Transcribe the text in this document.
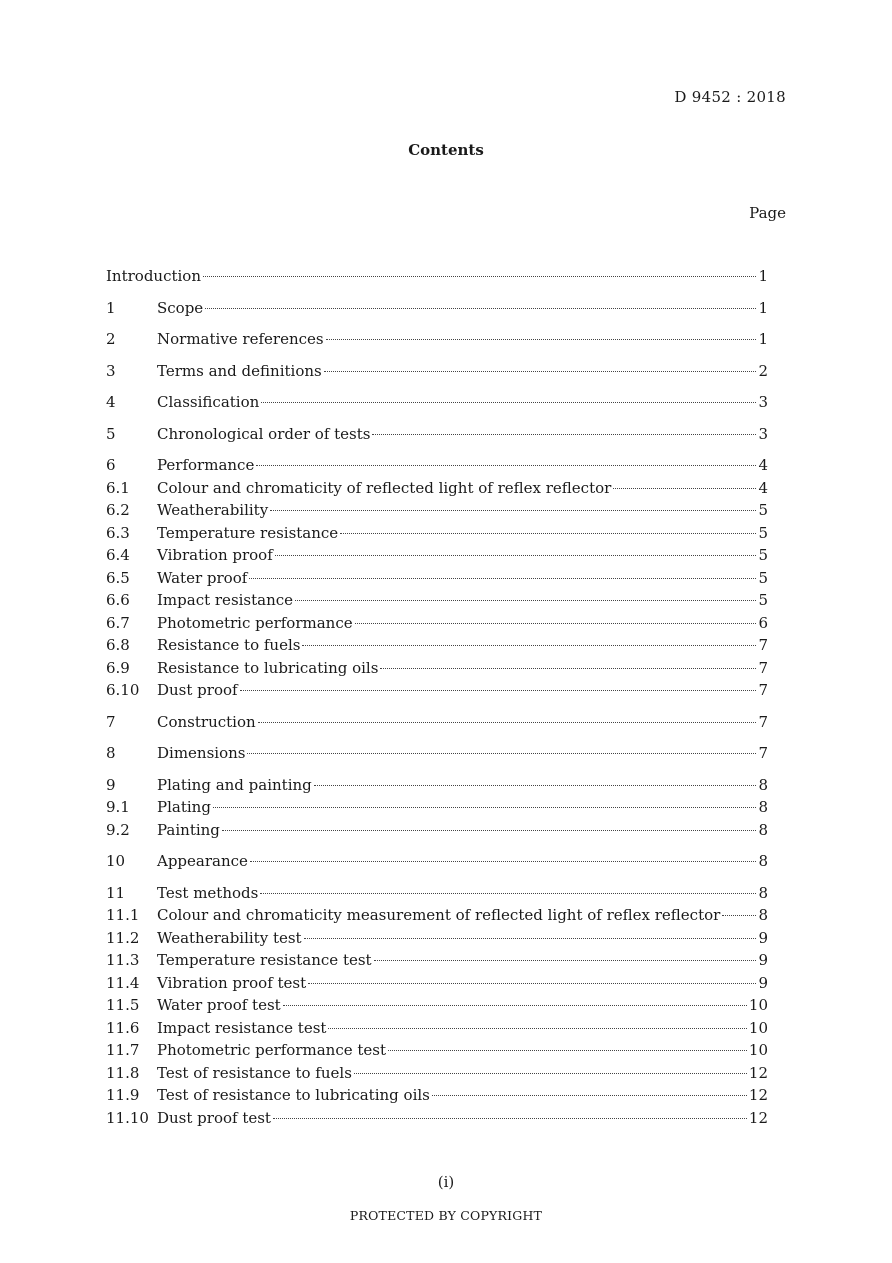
D 9452 : 2018
Contents
Page
Introduction	1
1	Scope	1
2	Normative references	1
3	Terms and definitions	2
4	Classification	3
5	Chronological order of tests	3
6	Performance	4
6.1	Colour and chromaticity of reflected light of reflex reflector	4
6.2	Weatherability	5
6.3	Temperature resistance	5
6.4	Vibration proof	5
6.5	Water proof	5
6.6	Impact resistance	5
6.7	Photometric performance	6
6.8	Resistance to fuels	7
6.9	Resistance to lubricating oils	7
6.10	Dust proof	7
7	Construction	7
8	Dimensions	7
9	Plating and painting	8
9.1	Plating	8
9.2	Painting	8
10	Appearance	8
11	Test methods	8
11.1	Colour and chromaticity measurement of reflected light of reflex reflector	8
11.2	Weatherability test	9
11.3	Temperature resistance test	9
11.4	Vibration proof test	9
11.5	Water proof test	10
11.6	Impact resistance test	10
11.7	Photometric performance test	10
11.8	Test of resistance to fuels	12
11.9	Test of resistance to lubricating oils	12
11.10 Dust proof test	12
(i)
PROTECTED BY COPYRIGHT
